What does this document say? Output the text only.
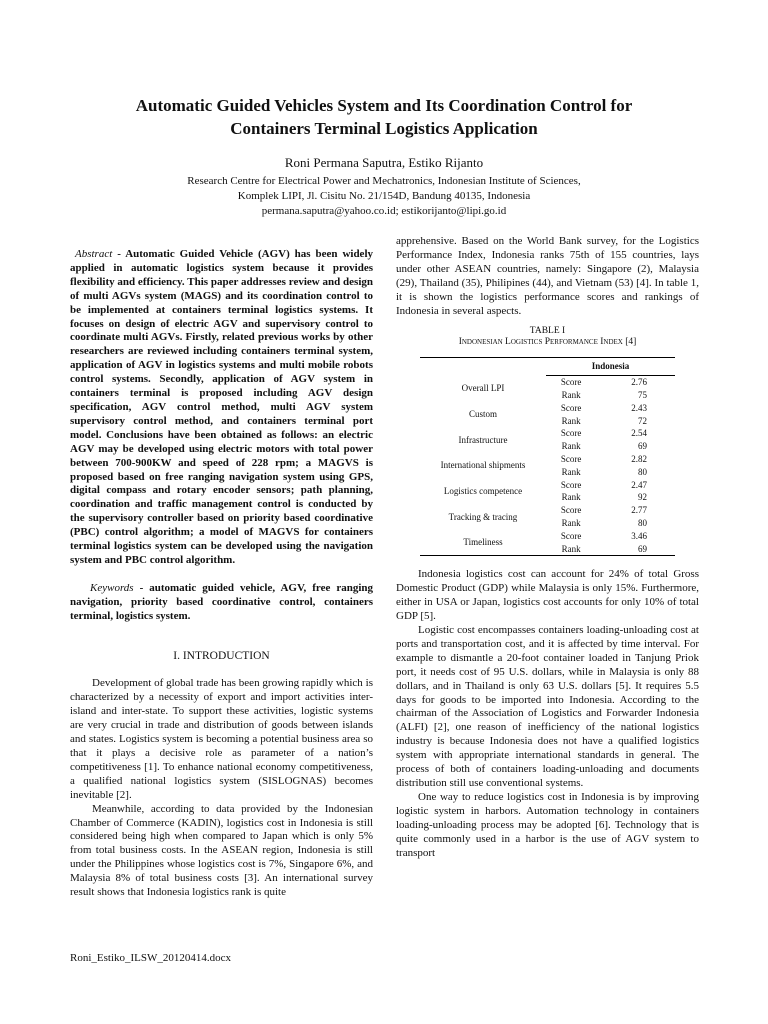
Automatic Guided Vehicles System and Its Coordination Control for
Containers Terminal Logistics Application
Roni Permana Saputra, Estiko Rijanto
Research Centre for Electrical Power and Mechatronics, Indonesian Institute of Sciences,
Komplek LIPI, Jl. Cisitu No. 21/154D, Bandung 40135, Indonesia
permana.saputra@yahoo.co.id; estikorijanto@lipi.go.id

Abstract - Automatic Guided Vehicle (AGV) has been widely applied in automatic logistics system because it provides flexibility and efficiency. This paper addresses review and design of multi AGVs system (MAGS) and its coordination control to be implemented at containers terminal logistics systems. It focuses on design of electric AGV and supervisory control to coordinate multi AGVs. Firstly, related previous works by other researchers are reviewed including containers terminal system, application of AGV in logistics systems and multi mobile robots control systems. Secondly, application of AGV system in containers terminal is proposed including AGV design specification, AGV control method, multi AGV system supervisory control method, and containers terminal port model. Conclusions have been obtained as follows: an electric AGV may be developed using electric motors with total power between 700-900KW and speed of 228 rpm; a MAGVS is proposed based on free ranging navigation system using GPS, digital compass and rotary encoder sensors; path planning, coordination and traffic management control is conducted by the supervisory controller based on priority based coordinative (PBC) control algorithm; a model of MAGVS for containers terminal logistics system can be developed using the navigation system and PBC control algorithm.

Keywords - automatic guided vehicle, AGV, free ranging navigation, priority based coordinative control, containers terminal, logistics system.

I. INTRODUCTION

Development of global trade has been growing rapidly which is characterized by a necessity of export and import activities inter-island and inter-state. To support these activities, logistic systems are very crucial in trade and distribution of goods between islands and states. Logistics system is becoming a potential business area so that it plays a decisive role as parameter of a nation’s competitiveness [1]. To enhance national economy competitiveness, a qualified national logistics system (SISLOGNAS) becomes inevitable [2].

Meanwhile, according to data provided by the Indonesian Chamber of Commerce (KADIN), logistics cost in Indonesia is still considered being high when compared to Japan which is only 5% from total business costs. In the ASEAN region, Indonesia is still under the Philippines whose logistics cost is 7%, Singapore 6%, and Malaysia 8% of total business costs [3]. An international survey result shows that Indonesia logistics rank is quite

apprehensive. Based on the World Bank survey, for the Logistics Performance Index, Indonesia ranks 75th of 155 countries, lays under other ASEAN countries, namely: Singapore (2), Malaysia (29), Thailand (35), Philipines (44), and Vietnam (53) [4]. In table 1, it is shown the logistics performance scores and rankings of Indonesia in several aspects.

TABLE I
Indonesian Logistics Performance Index [4]
	Indonesia	
Overall LPI	Score	2.76
	Rank	75
Custom	Score	2.43
	Rank	72
Infrastructure	Score	2.54
	Rank	69
International shipments	Score	2.82
	Rank	80
Logistics competence	Score	2.47
	Rank	92
Tracking & tracing	Score	2.77
	Rank	80
Timeliness	Score	3.46
	Rank	69

Indonesia logistics cost can account for 24% of total Gross Domestic Product (GDP) while Malaysia is only 15%. Furthermore, either in USA or Japan, logistics cost accounts for only 10% of total GDP [5].

Logistic cost encompasses containers loading-unloading cost at ports and transportation cost, and it is affected by time interval. For example to dismantle a 20-foot container loaded in Tanjung Priok port, it needs cost of 95 U.S. dollars, while in Malaysia is only 88 dollars, and in Thailand is only 63 U.S. dollars [5]. It requires 5.5 days for goods to be imported into Indonesia. According to the chairman of the Association of Logistics and Forwarder Indonesia (ALFI) [2], one reason of inefficiency of the national logistics industry is because Indonesia does not have a qualified logistics system with appropriate international standards in general. The process of both of containers loading-unloading and documents distribution still use conventional systems.

One way to reduce logistics cost in Indonesia is by improving logistic system in harbors. Automation technology in containers loading-unloading process may be adopted [6]. Technology that is quite commonly used in a harbor is the use of AGV system to transport

Roni_Estiko_ILSW_20120414.docx
